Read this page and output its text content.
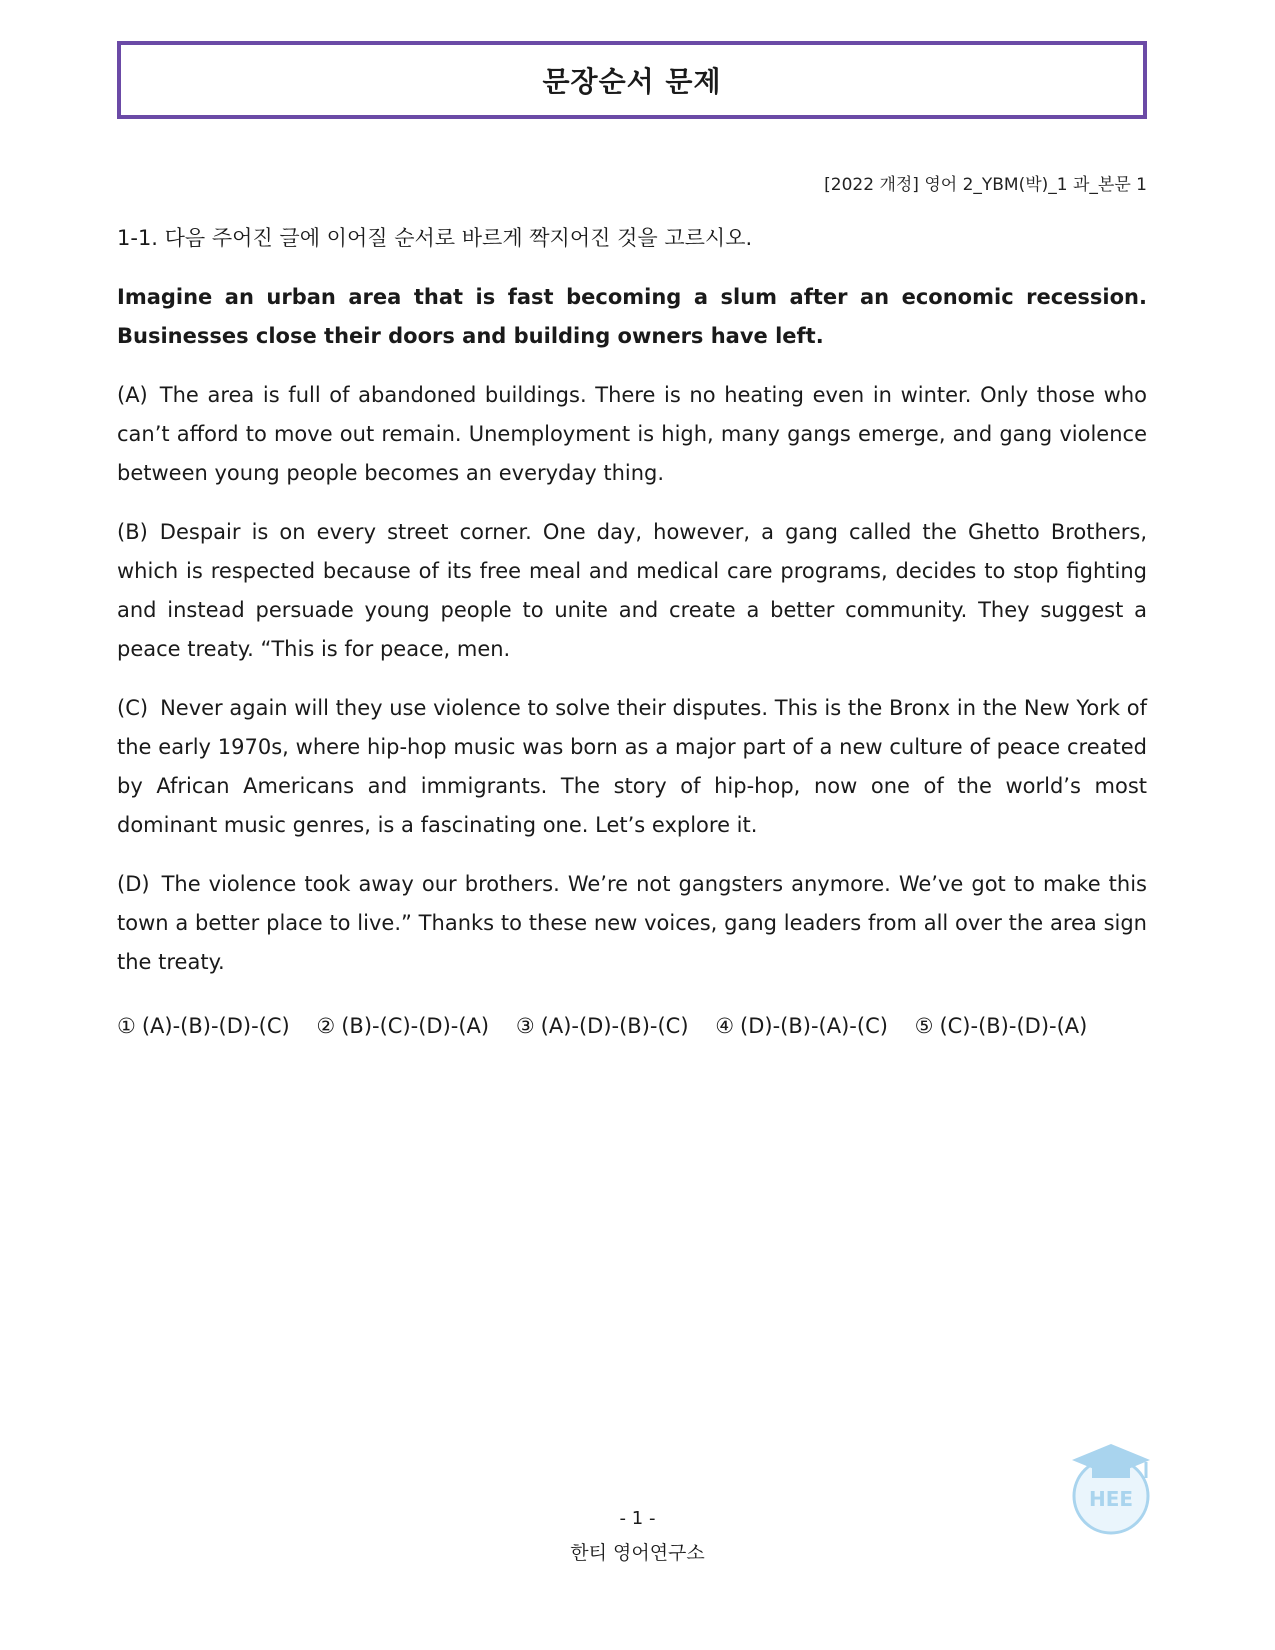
문장순서 문제
[2022 개정] 영어 2_YBM(박)_1 과_본문 1
1-1. 다음 주어진 글에 이어질 순서로 바르게 짝지어진 것을 고르시오.

Imagine an urban area that is fast becoming a slum after an economic recession. Businesses close their doors and building owners have left.

(A) The area is full of abandoned buildings. There is no heating even in winter. Only those who can’t afford to move out remain. Unemployment is high, many gangs emerge, and gang violence between young people becomes an everyday thing.

(B) Despair is on every street corner. One day, however, a gang called the Ghetto Brothers, which is respected because of its free meal and medical care programs, decides to stop fighting and instead persuade young people to unite and create a better community. They suggest a peace treaty. “This is for peace, men.

(C) Never again will they use violence to solve their disputes. This is the Bronx in the New York of the early 1970s, where hip-hop music was born as a major part of a new culture of peace created by African Americans and immigrants. The story of hip-hop, now one of the world’s most dominant music genres, is a fascinating one. Let’s explore it.

(D) The violence took away our brothers. We’re not gangsters anymore. We’ve got to make this town a better place to live.” Thanks to these new voices, gang leaders from all over the area sign the treaty.

① (A)-(B)-(D)-(C) ② (B)-(C)-(D)-(A) ③ (A)-(D)-(B)-(C) ④ (D)-(B)-(A)-(C) ⑤ (C)-(B)-(D)-(A)
HEE
- 1 -
한티 영어연구소
